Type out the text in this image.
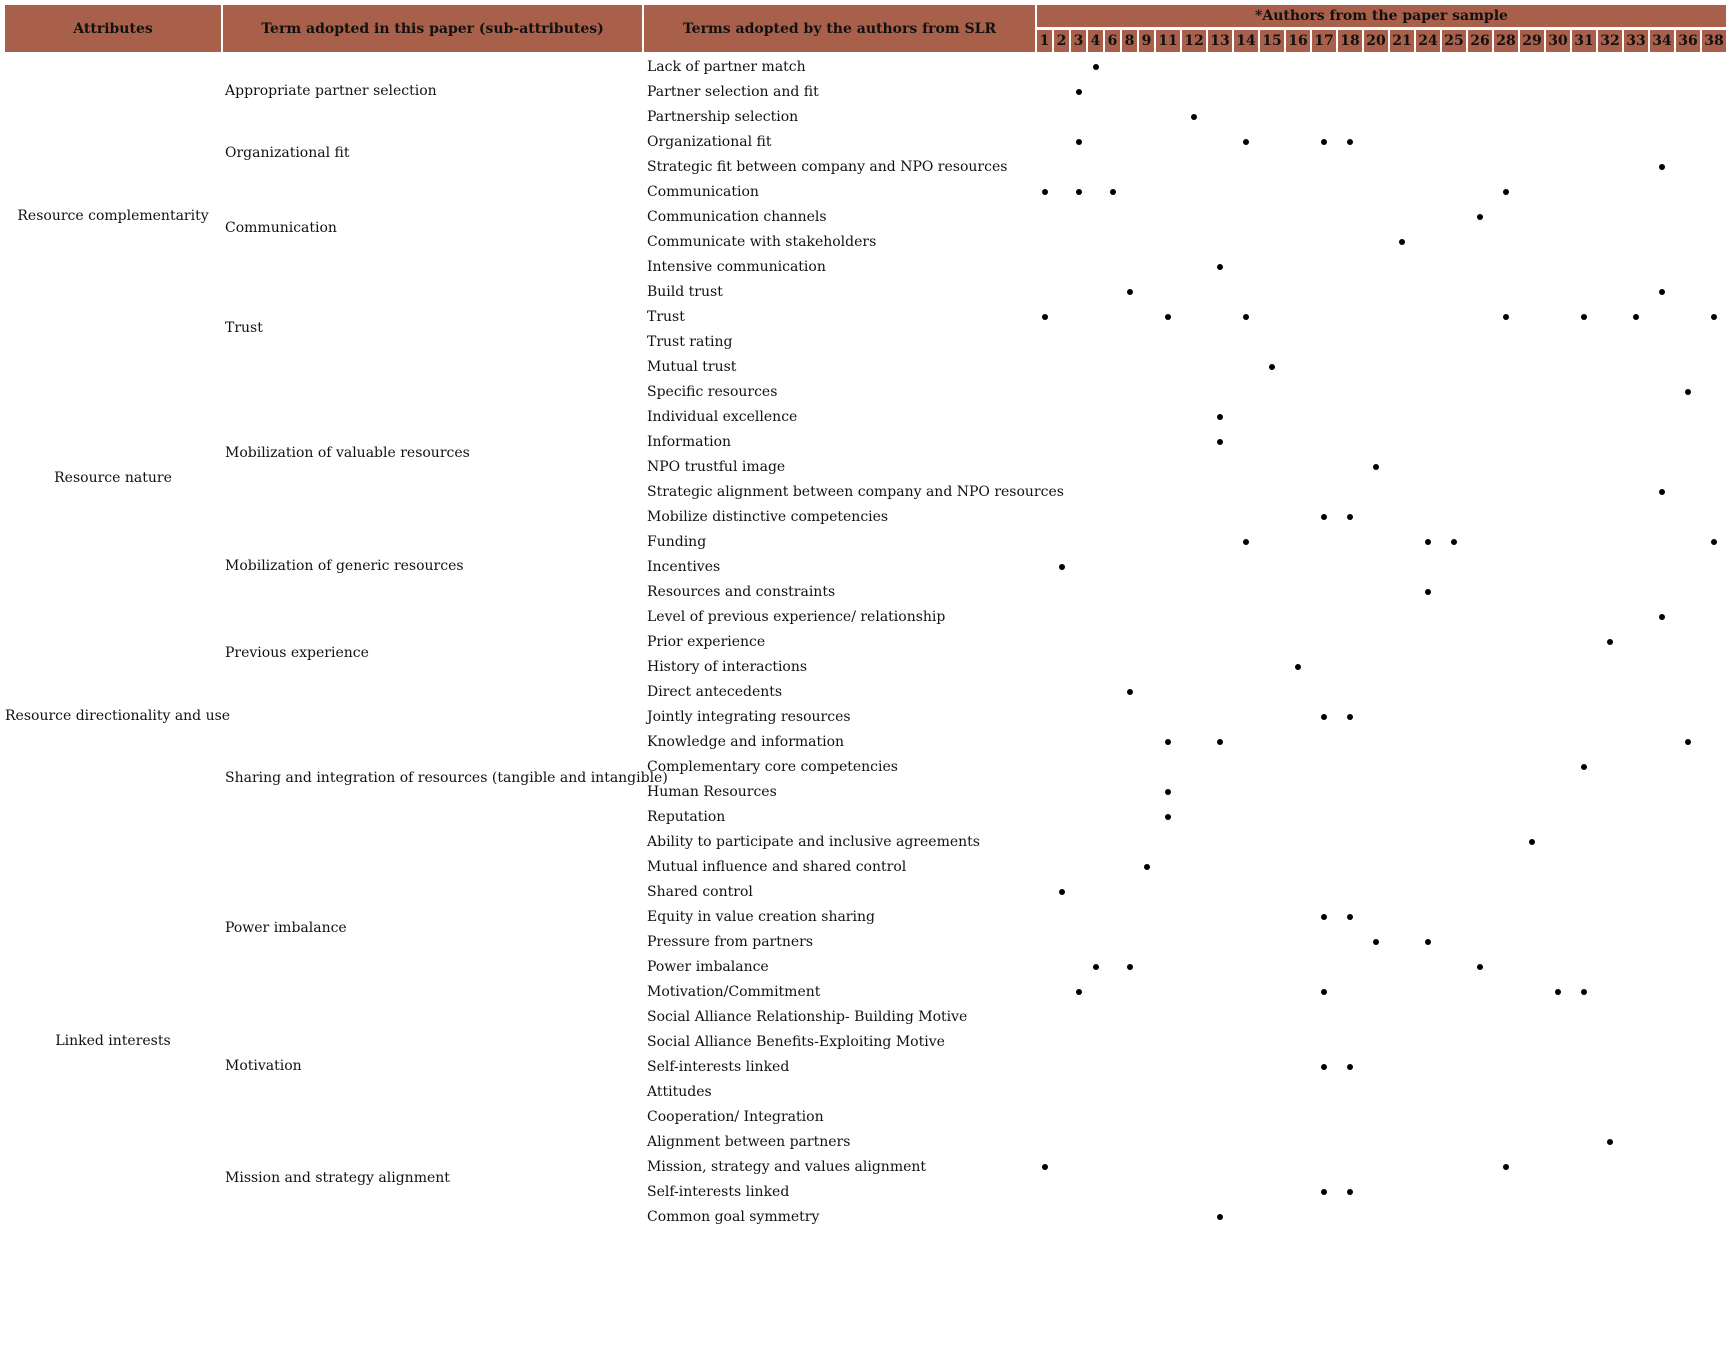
Attributes	Term adopted in this paper (sub-attributes)	Terms adopted by the authors from SLR
*Authors from the paper sample
1 2 3 4 6 8 9 11 12 13 14 15 16 17 18 20 21 24 25 26 28 29 30 31 32 33 34 36 38
Lack of partner match
Partner selection and fit
Partnership selection
Organizational fit
Strategic fit between company and NPO resources
Communication
Communication channels
Communicate with stakeholders
Intensive communication
Build trust
Trust
Trust rating
Mutual trust
Specific resources
Individual excellence
Information
NPO trustful image
Strategic alignment between company and NPO resources
Mobilize distinctive competencies
Funding
Incentives
Resources and constraints
Level of previous experience/ relationship
Prior experience
History of interactions
Direct antecedents
Jointly integrating resources
Knowledge and information
Complementary core competencies
Human Resources
Reputation
Ability to participate and inclusive agreements
Mutual influence and shared control
Shared control
Equity in value creation sharing
Pressure from partners
Power imbalance
Motivation/Commitment
Social Alliance Relationship- Building Motive
Social Alliance Benefits-Exploiting Motive
Self-interests linked
Attitudes
Cooperation/ Integration
Alignment between partners
Mission, strategy and values alignment
Self-interests linked
Common goal symmetry
Appropriate partner selection
Organizational fit
Communication
Trust
Mobilization of valuable resources
Mobilization of generic resources
Previous experience
Sharing and integration of resources (tangible and intangible)
Power imbalance
Motivation
Mission and strategy alignment
Resource complementarity
Resource nature
Resource directionality and use
Linked interests
